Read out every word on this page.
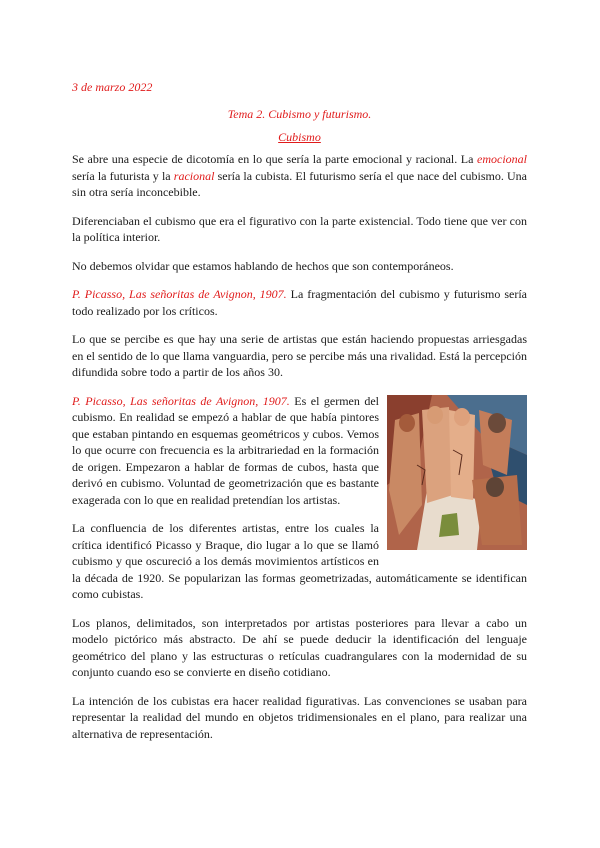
3 de marzo 2022
Tema 2. Cubismo y futurismo.
Cubismo

Se abre una especie de dicotomía en lo que sería la parte emocional y racional. La emocional sería la futurista y la racional sería la cubista. El futurismo sería el que nace del cubismo. Una sin otra sería inconcebible.

Diferenciaban el cubismo que era el figurativo con la parte existencial. Todo tiene que ver con la política interior.

No debemos olvidar que estamos hablando de hechos que son contemporáneos.

P. Picasso, Las señoritas de Avignon, 1907. La fragmentación del cubismo y futurismo sería todo realizado por los críticos.

Lo que se percibe es que hay una serie de artistas que están haciendo propuestas arriesgadas en el sentido de lo que llama vanguardia, pero se percibe más una rivalidad. Está la percepción difundida sobre todo a partir de los años 30.

P. Picasso, Las señoritas de Avignon, 1907. Es el germen del cubismo. En realidad se empezó a hablar de que había pintores que estaban pintando en esquemas geométricos y cubos. Vemos lo que ocurre con frecuencia es la arbitrariedad en la formación de origen. Empezaron a hablar de formas de cubos, hasta que derivó en cubismo. Voluntad de geometrización que es bastante exagerada con lo que en realidad pretendían los artistas.

La confluencia de los diferentes artistas, entre los cuales la crítica identificó Picasso y Braque, dio lugar a lo que se llamó cubismo y que oscureció a los demás movimientos artísticos en la década de 1920. Se popularizan las formas geometrizadas, automáticamente se identifican como cubistas.

Los planos, delimitados, son interpretados por artistas posteriores para llevar a cabo un modelo pictórico más abstracto. De ahí se puede deducir la identificación del lenguaje geométrico del plano y las estructuras o retículas cuadrangulares con la modernidad de su conjunto cuando eso se convierte en diseño cotidiano.

La intención de los cubistas era hacer realidad figurativas. Las convenciones se usaban para representar la realidad del mundo en objetos tridimensionales en el plano, para realizar una alternativa de representación.
